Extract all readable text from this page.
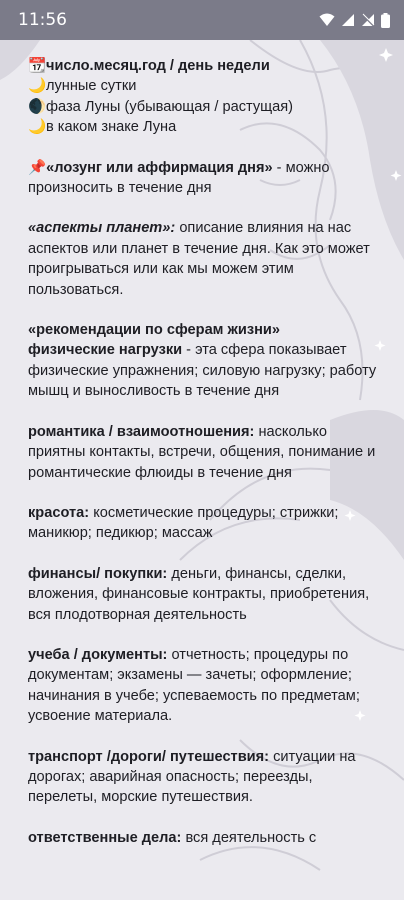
11:56

📆число.месяц.год / день недели

🌙лунные сутки

🌒фаза Луны (убывающая / растущая)

🌙в каком знаке Луна

📌«лозунг или аффирмация дня» - можно произносить в течение дня

«аспекты планет»: описание влияния на нас аспектов или планет в течение дня. Как это может проигрываться или как мы можем этим пользоваться.

«рекомендации по сферам жизни»

физические нагрузки - эта сфера показывает физические упражнения; силовую нагрузку; работу мышц и выносливость в течение дня

романтика / взаимоотношения: насколько приятны контакты, встречи, общения, понимание и романтические флюиды в течение дня

красота: косметические процедуры; стрижки; маникюр; педикюр; массаж

финансы/ покупки: деньги, финансы, сделки, вложения, финансовые контракты, приобретения, вся плодотворная деятельность

учеба / документы: отчетность; процедуры по документам; экзамены — зачеты; оформление; начинания в учебе; успеваемость по предметам; усвоение материала.

транспорт /дороги/ путешествия: ситуации на дорогах; аварийная опасность; переезды, перелеты, морские путешествия.

ответственные дела: вся деятельность с
